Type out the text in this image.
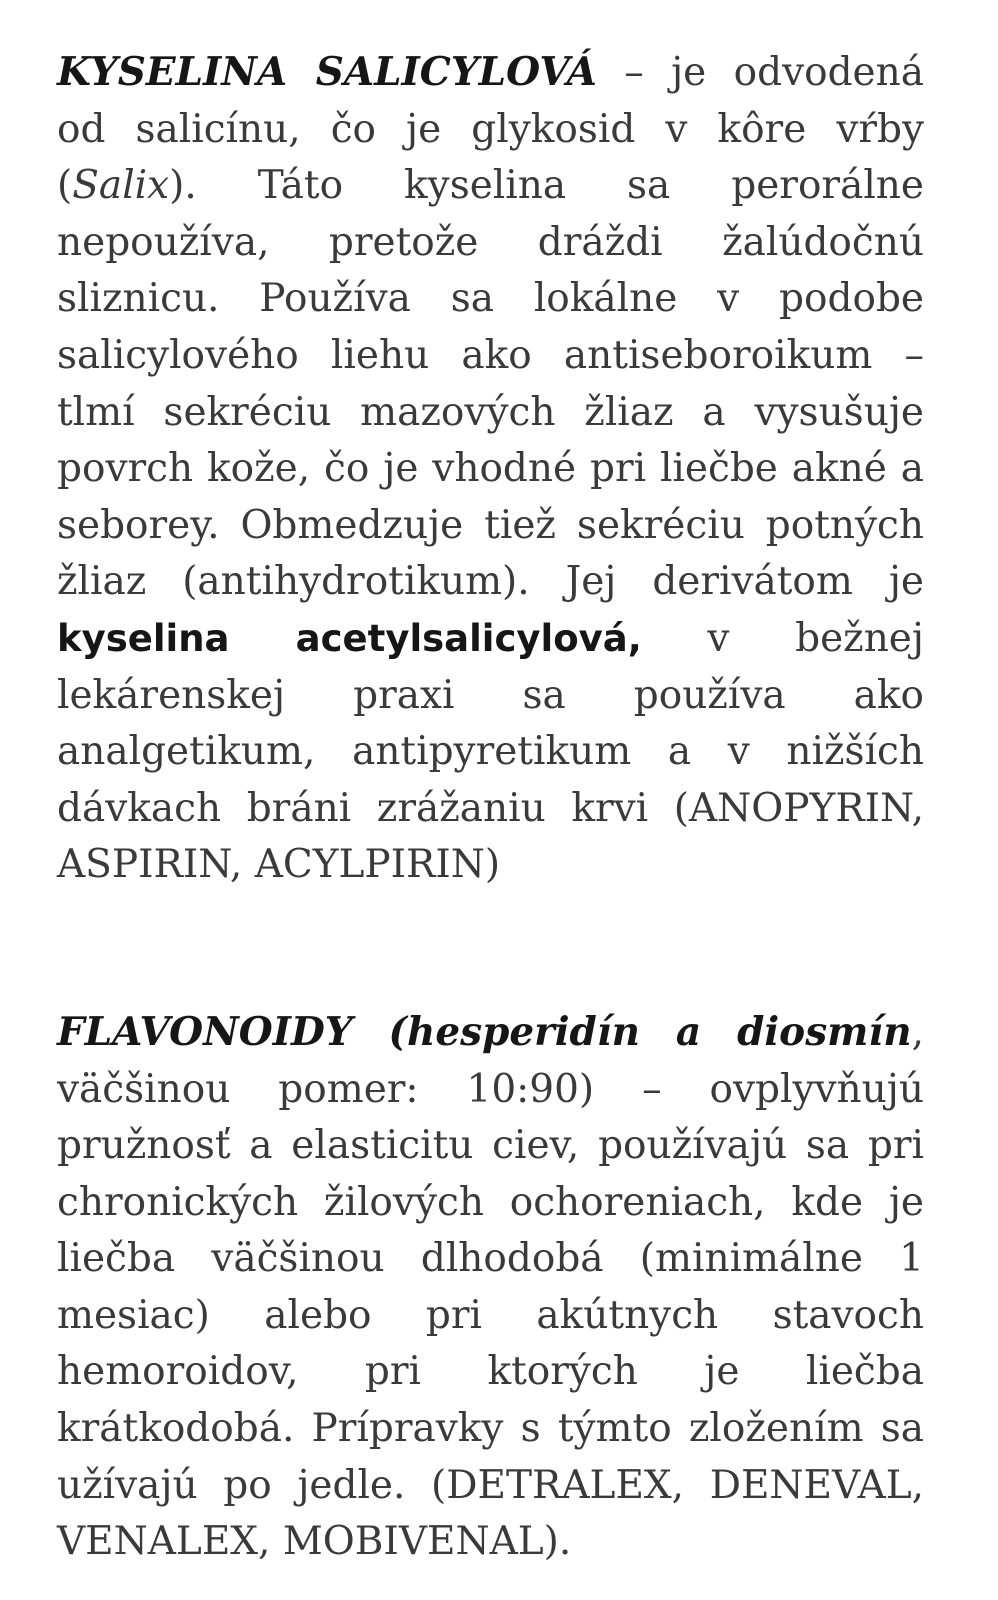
KYSELINA SALICYLOVÁ – je odvodená od salicínu, čo je glykosid v kôre vŕby (Salix). Táto kyselina sa perorálne nepoužíva, pretože dráždi žalúdočnú sliznicu. Používa sa lokálne v podobe salicylového liehu ako antiseboroikum – tlmí sekréciu mazových žliaz a vysušuje povrch kože, čo je vhodné pri liečbe akné a seborey. Obmedzuje tiež sekréciu potných žliaz (antihydrotikum). Jej derivátom je kyselina acetylsalicylová, v bežnej lekárenskej praxi sa používa ako analgetikum, antipyretikum a v nižších dávkach bráni zrážaniu krvi (ANOPYRIN, ASPIRIN, ACYLPIRIN)

FLAVONOIDY (hesperidín a diosmín, väčšinou pomer: 10:90) – ovplyvňujú pružnosť a elasticitu ciev, používajú sa pri chronických žilových ochoreniach, kde je liečba väčšinou dlhodobá (minimálne 1 mesiac) alebo pri akútnych stavoch hemoroidov, pri ktorých je liečba krátkodobá. Prípravky s týmto zložením sa užívajú po jedle. (DETRALEX, DENEVAL, VENALEX, MOBIVENAL).
